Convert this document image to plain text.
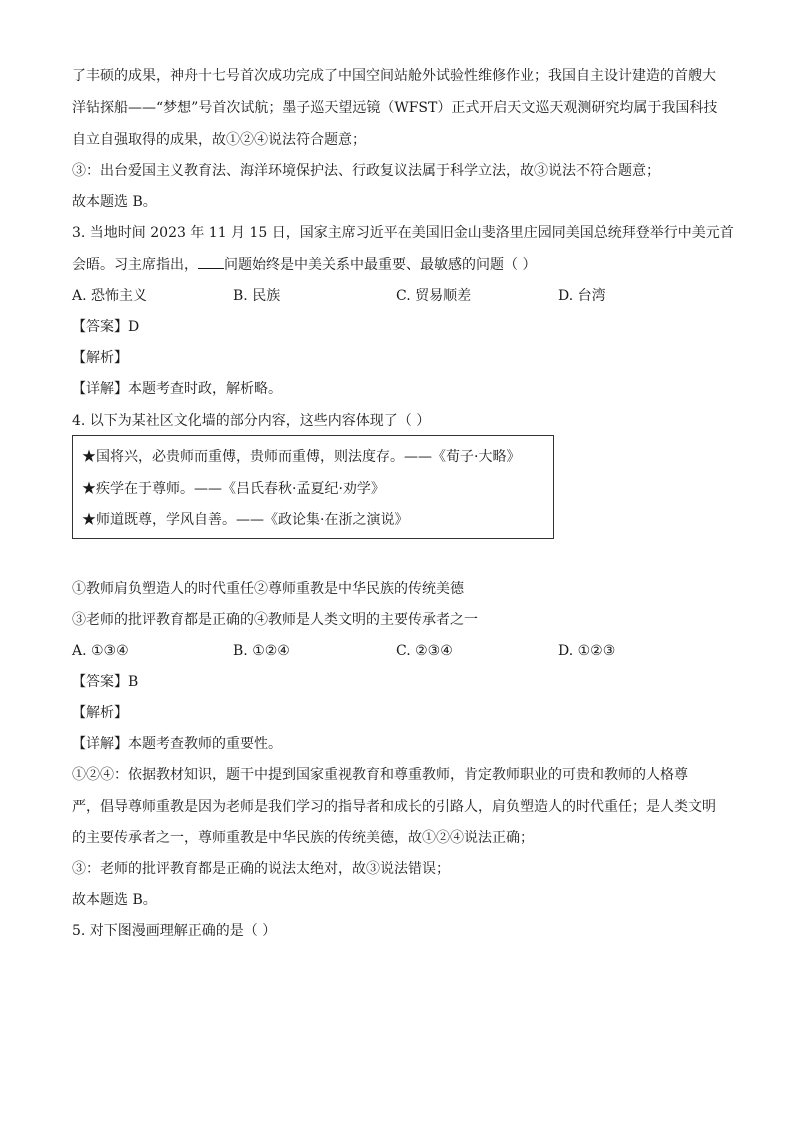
了丰硕的成果，神舟十七号首次成功完成了中国空间站舱外试验性维修作业；我国自主设计建造的首艘大
洋钻探船——“梦想”号首次试航；墨子巡天望远镜（WFST）正式开启天文巡天观测研究均属于我国科技
自立自强取得的成果，故①②④说法符合题意；
③：出台爱国主义教育法、海洋环境保护法、行政复议法属于科学立法，故③说法不符合题意；
故本题选 B。
3. 当地时间 2023 年 11 月 15 日，国家主席习近平在美国旧金山斐洛里庄园同美国总统拜登举行中美元首
会晤。习主席指出， 问题始终是中美关系中最重要、最敏感的问题（ ）
A. 恐怖主义	B. 民族	C. 贸易顺差	D. 台湾
【答案】D
【解析】
【详解】本题考查时政，解析略。
4. 以下为某社区文化墙的部分内容，这些内容体现了（ ）
★国将兴，必贵师而重傅，贵师而重傅，则法度存。——《荀子·大略》
★疾学在于尊师。——《吕氏春秋·孟夏纪·劝学》
★师道既尊，学风自善。——《政论集·在浙之演说》
①教师肩负塑造人的时代重任②尊师重教是中华民族的传统美德
③老师的批评教育都是正确的④教师是人类文明的主要传承者之一
A. ①③④	B. ①②④	C. ②③④	D. ①②③
【答案】B
【解析】
【详解】本题考查教师的重要性。
①②④：依据教材知识，题干中提到国家重视教育和尊重教师，肯定教师职业的可贵和教师的人格尊
严，倡导尊师重教是因为老师是我们学习的指导者和成长的引路人，肩负塑造人的时代重任；是人类文明
的主要传承者之一，尊师重教是中华民族的传统美德，故①②④说法正确；
③：老师的批评教育都是正确的说法太绝对，故③说法错误；
故本题选 B。
5. 对下图漫画理解正确的是（ ）
